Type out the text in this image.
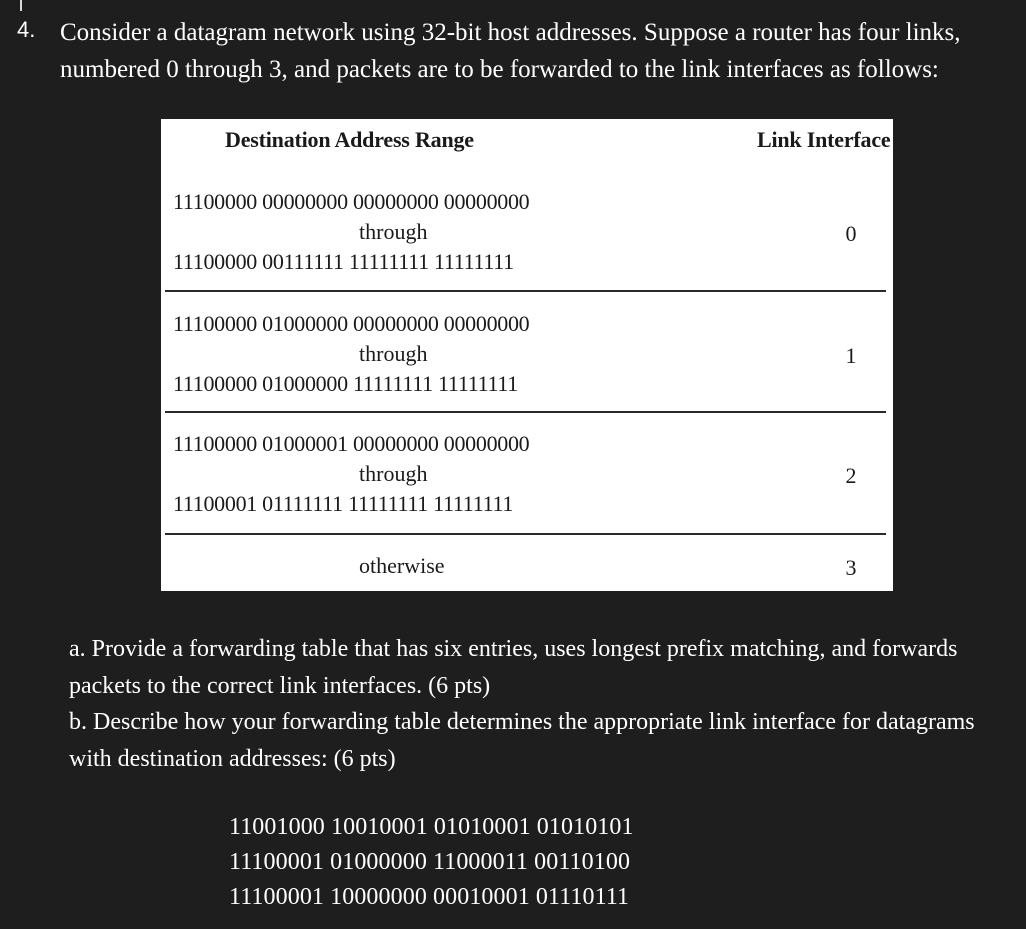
4. Consider a datagram network using 32-bit host addresses. Suppose a router has four links, numbered 0 through 3, and packets are to be forwarded to the link interfaces as follows:
Destination Address Range	Link Interface
11100000 00000000 00000000 00000000
through	0
11100000 00111111 11111111 11111111
11100000 01000000 00000000 00000000
through	1
11100000 01000000 11111111 11111111
11100000 01000001 00000000 00000000
through	2
11100001 01111111 11111111 11111111
otherwise	3
a. Provide a forwarding table that has six entries, uses longest prefix matching, and forwards packets to the correct link interfaces. (6 pts)
b. Describe how your forwarding table determines the appropriate link interface for datagrams with destination addresses: (6 pts)
11001000 10010001 01010001 01010101
11100001 01000000 11000011 00110100
11100001 10000000 00010001 01110111
